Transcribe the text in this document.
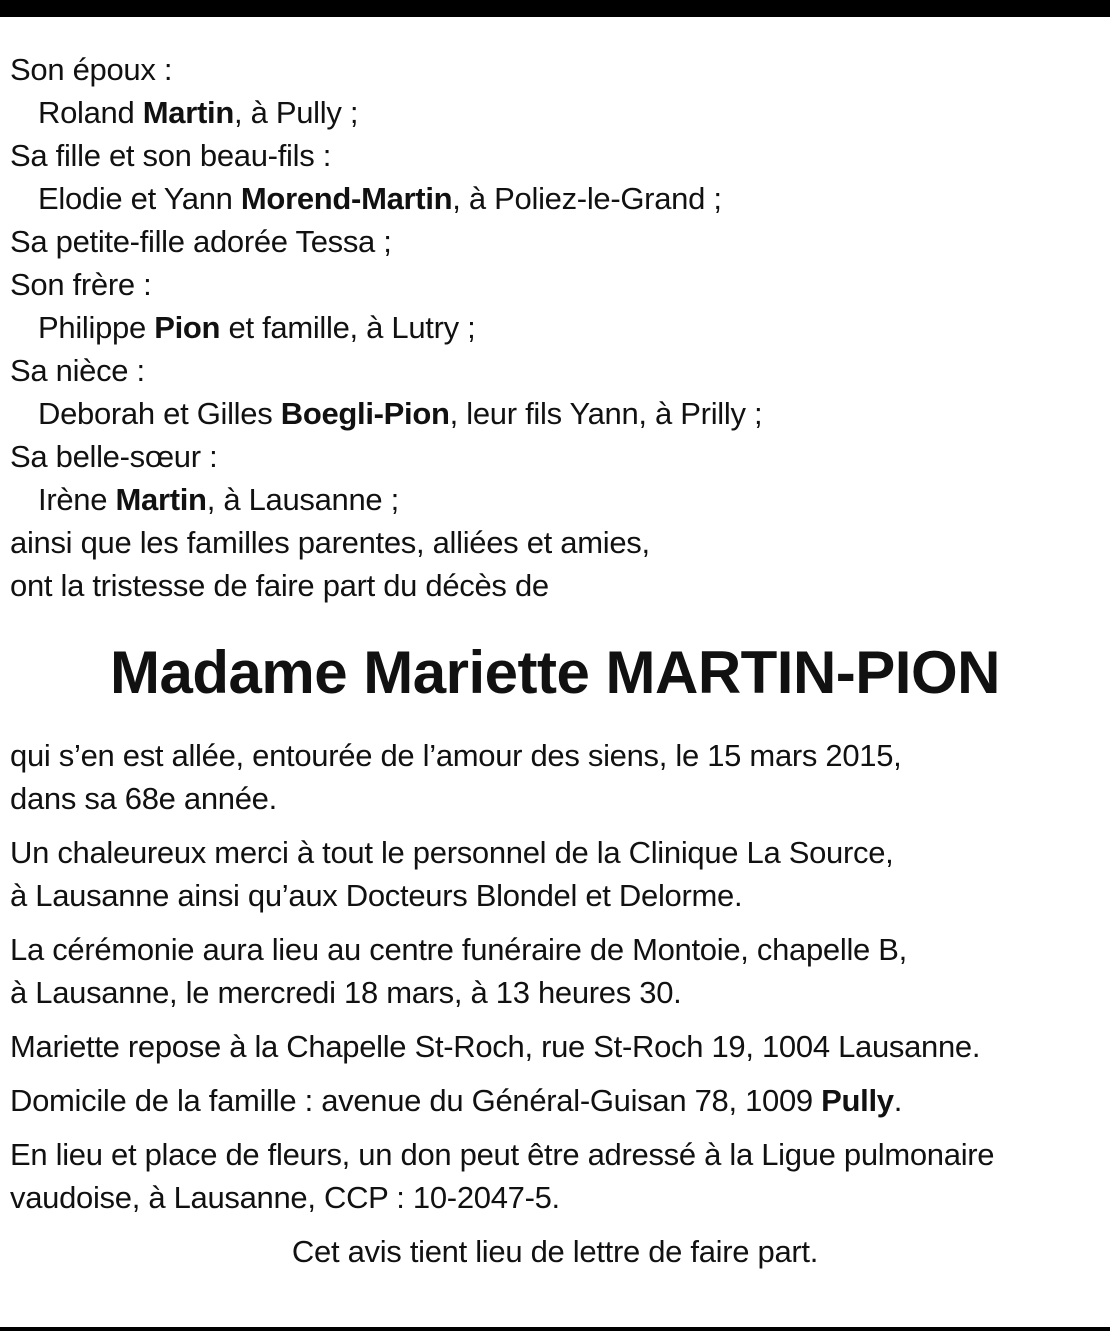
Son époux :
Roland Martin, à Pully ;
Sa fille et son beau-fils :
Elodie et Yann Morend-Martin, à Poliez-le-Grand ;
Sa petite-fille adorée Tessa ;
Son frère :
Philippe Pion et famille, à Lutry ;
Sa nièce :
Deborah et Gilles Boegli-Pion, leur fils Yann, à Prilly ;
Sa belle-sœur :
Irène Martin, à Lausanne ;
ainsi que les familles parentes, alliées et amies,
ont la tristesse de faire part du décès de
Madame Mariette MARTIN-PION
qui s’en est allée, entourée de l’amour des siens, le 15 mars 2015,
dans sa 68e année.
Un chaleureux merci à tout le personnel de la Clinique La Source,
à Lausanne ainsi qu’aux Docteurs Blondel et Delorme.
La cérémonie aura lieu au centre funéraire de Montoie, chapelle B,
à Lausanne, le mercredi 18 mars, à 13 heures 30.
Mariette repose à la Chapelle St-Roch, rue St-Roch 19, 1004 Lausanne.
Domicile de la famille : avenue du Général-Guisan 78, 1009 Pully.
En lieu et place de fleurs, un don peut être adressé à la Ligue pulmonaire
vaudoise, à Lausanne, CCP : 10-2047-5.
Cet avis tient lieu de lettre de faire part.
